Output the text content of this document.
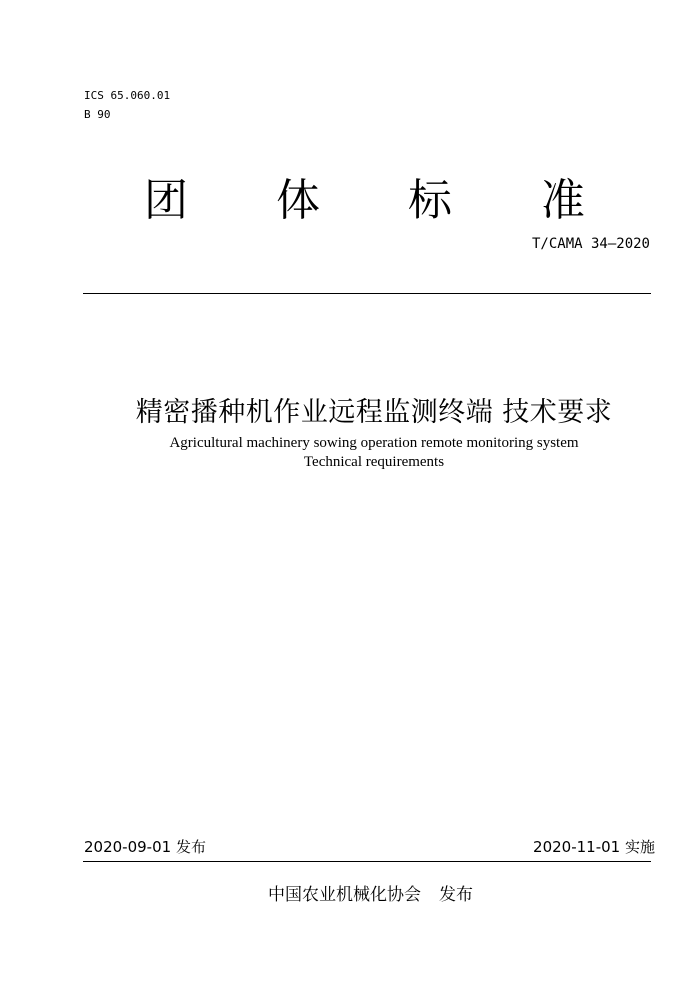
ICS 65.060.01
B 90
团 体 标 准
T/CAMA 34—2020
精密播种机作业远程监测终端 技术要求
Agricultural machinery sowing operation remote monitoring system
Technical requirements
2020-09-01 发布	2020-11-01 实施
中国农业机械化协会 发布
